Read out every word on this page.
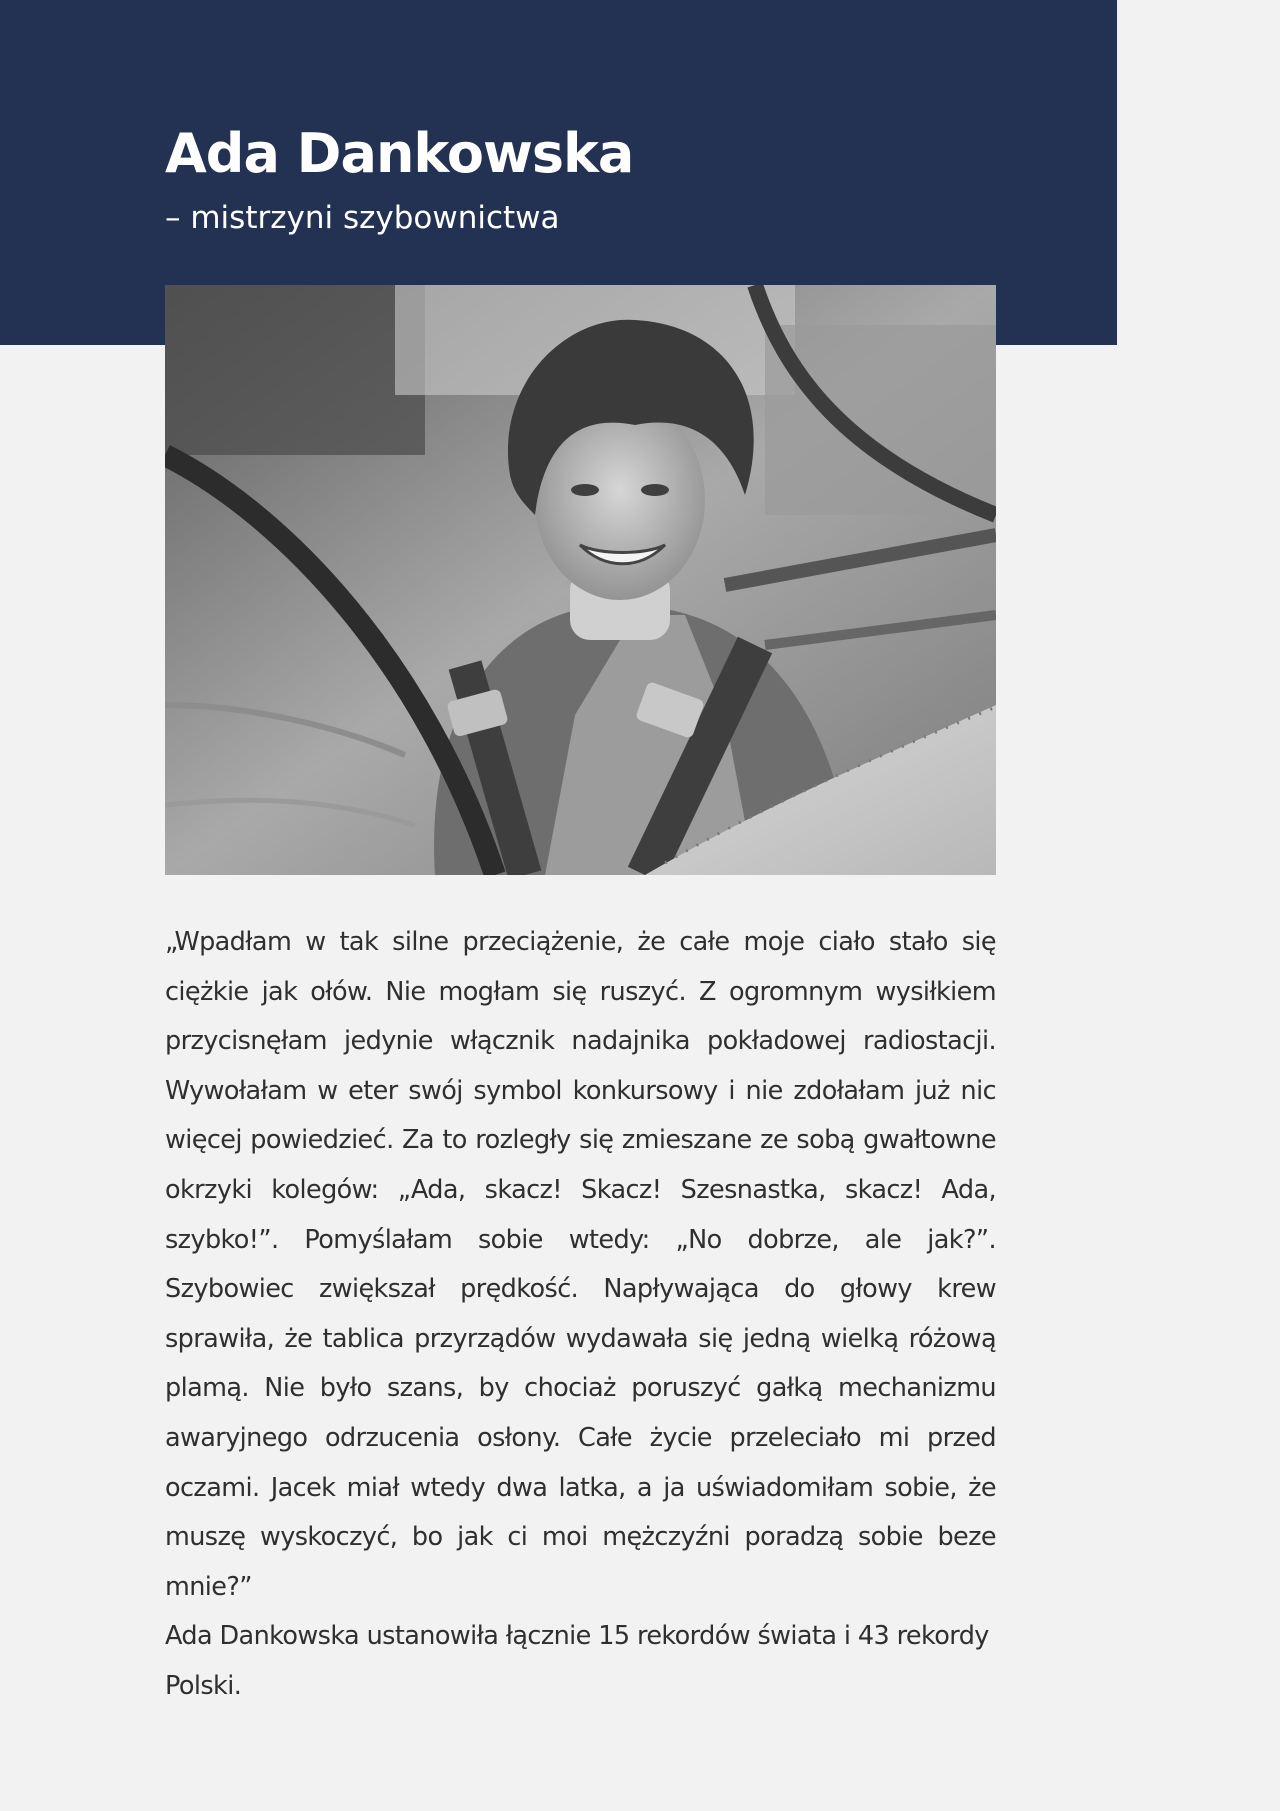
Ada Dankowska

– mistrzyni szybownictwa

„Wpadłam w tak silne przeciążenie, że całe moje ciało stało się ciężkie jak ołów. Nie mogłam się ruszyć. Z ogromnym wysiłkiem przycisnęłam jedynie włącznik nadajnika pokładowej radiostacji. Wywołałam w eter swój symbol konkursowy i nie zdołałam już nic więcej powiedzieć. Za to rozległy się zmieszane ze sobą gwałtowne okrzyki kolegów: „Ada, skacz! Skacz! Szesnastka, skacz! Ada, szybko!”. Pomyślałam sobie wtedy: „No dobrze, ale jak?”. Szybowiec zwiększał prędkość. Napływająca do głowy krew sprawiła, że tablica przyrządów wydawała się jedną wielką różową plamą. Nie było szans, by chociaż poruszyć gałką mechanizmu awaryjnego odrzucenia osłony. Całe życie przeleciało mi przed oczami. Jacek miał wtedy dwa latka, a ja uświadomiłam sobie, że muszę wyskoczyć, bo jak ci moi mężczyźni poradzą sobie beze mnie?”

Ada Dankowska ustanowiła łącznie 15 rekordów świata i 43 rekordy Polski.
